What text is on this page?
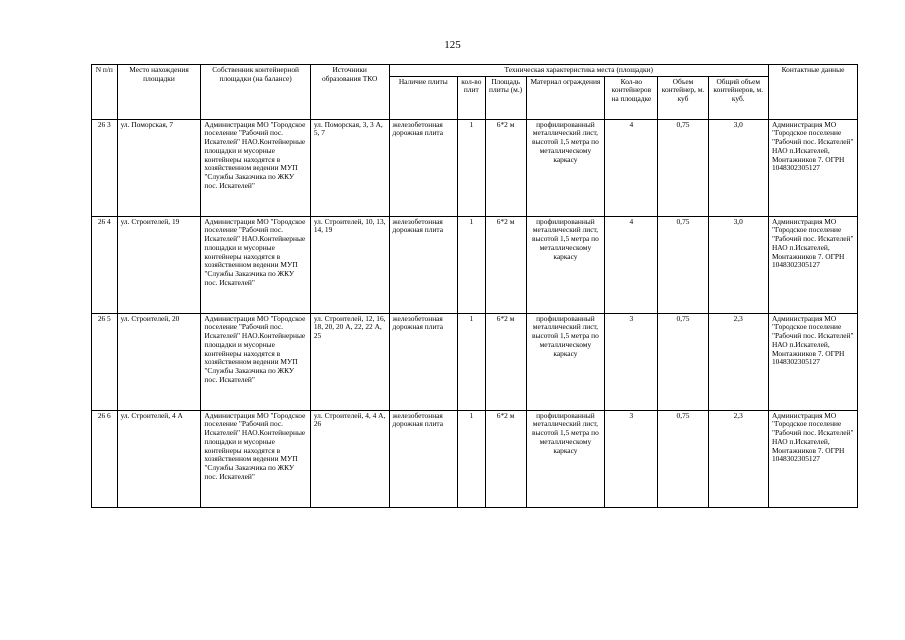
125
N п/п	Место нахождения площадки	Собственник контейнерной площадки (на балансе)	Источники образования ТКО	Техническая характеристика места (площадки)							Контактные данные
				Наличие плиты	кол-во плит	Площадь плиты (м.)	Материал ограждения	Кол-во контейнеров на площадке	Объем контейнер, м. куб	Общий объем контейнеров, м. куб.	
26 3	ул. Поморская, 7	Администрация МО "Городское поселение "Рабочий пос. Искателей" НАО.Контейнерные площадки и мусорные контейнеры находятся в хозяйственном ведении МУП "Службы Заказчика по ЖКУ пос. Искателей"	ул. Поморская, 3, 3 А, 5, 7	железобетонная дорожная плита	1	6*2 м	профилированный металлический лист, высотой 1,5 метра по металлическому каркасу	4	0,75	3,0	Администрация МО "Городское поселение "Рабочий пос. Искателей" НАО п.Искателей, Монтажников 7. ОГРН 1048302305127
26 4	ул. Строителей, 19	Администрация МО "Городское поселение "Рабочий пос. Искателей" НАО.Контейнерные площадки и мусорные контейнеры находятся в хозяйственном ведении МУП "Службы Заказчика по ЖКУ пос. Искателей"	ул. Строителей, 10, 13, 14, 19	железобетонная дорожная плита	1	6*2 м	профилированный металлический лист, высотой 1,5 метра по металлическому каркасу	4	0,75	3,0	Администрация МО "Городское поселение "Рабочий пос. Искателей" НАО п.Искателей, Монтажников 7. ОГРН 1048302305127
26 5	ул. Строителей, 20	Администрация МО "Городское поселение "Рабочий пос. Искателей" НАО.Контейнерные площадки и мусорные контейнеры находятся в хозяйственном ведении МУП "Службы Заказчика по ЖКУ пос. Искателей"	ул. Строителей, 12, 16, 18, 20, 20 А, 22, 22 А, 25	железобетонная дорожная плита	1	6*2 м	профилированный металлический лист, высотой 1,5 метра по металлическому каркасу	3	0,75	2,3	Администрация МО "Городское поселение "Рабочий пос. Искателей" НАО п.Искателей, Монтажников 7. ОГРН 1048302305127
26 6	ул. Строителей, 4 А	Администрация МО "Городское поселение "Рабочий пос. Искателей" НАО.Контейнерные площадки и мусорные контейнеры находятся в хозяйственном ведении МУП "Службы Заказчика по ЖКУ пос. Искателей"	ул. Строителей, 4, 4 А, 26	железобетонная дорожная плита	1	6*2 м	профилированный металлический лист, высотой 1,5 метра по металлическому каркасу	3	0,75	2,3	Администрация МО "Городское поселение "Рабочий пос. Искателей" НАО п.Искателей, Монтажников 7. ОГРН 1048302305127
